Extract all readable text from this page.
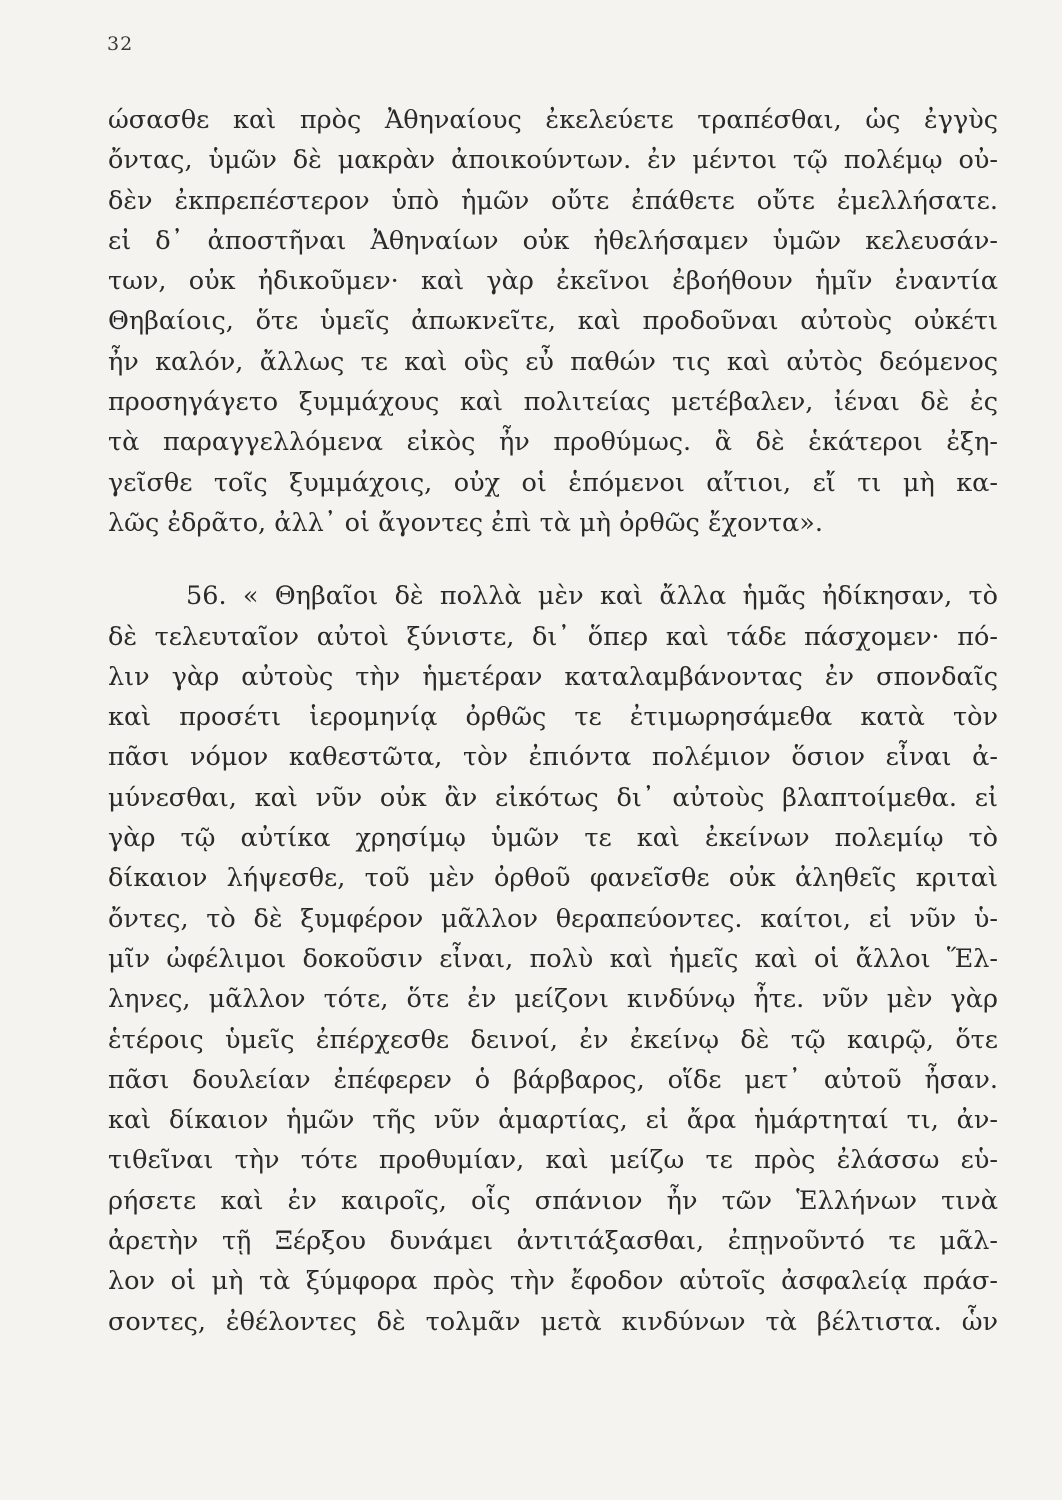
32
ώσασθε καὶ πρὸς Ἀθηναίους ἐκελεύετε τραπέσθαι, ὡς ἐγγὺς
ὄντας, ὑμῶν δὲ μακρὰν ἀποικούντων. ἐν μέντοι τῷ πολέμῳ οὐ-
δὲν ἐκπρεπέστερον ὑπὸ ἡμῶν οὔτε ἐπάθετε οὔτε ἐμελλήσατε.
εἰ δ᾽ ἀποστῆναι Ἀθηναίων οὐκ ἠθελήσαμεν ὑμῶν κελευσάν-
των, οὐκ ἠδικοῦμεν· καὶ γὰρ ἐκεῖνοι ἐβοήθουν ἡμῖν ἐναντία
Θηβαίοις, ὅτε ὑμεῖς ἀπωκνεῖτε, καὶ προδοῦναι αὐτοὺς οὐκέτι
ἦν καλόν, ἄλλως τε καὶ οὓς εὖ παθών τις καὶ αὐτὸς δεόμενος
προσηγάγετο ξυμμάχους καὶ πολιτείας μετέβαλεν, ἰέναι δὲ ἐς
τὰ παραγγελλόμενα εἰκὸς ἦν προθύμως. ἃ δὲ ἑκάτεροι ἐξη-
γεῖσθε τοῖς ξυμμάχοις, οὐχ οἱ ἑπόμενοι αἴτιοι, εἴ τι μὴ κα-
λῶς ἐδρᾶτο, ἀλλ᾽ οἱ ἄγοντες ἐπὶ τὰ μὴ ὀρθῶς ἔχοντα».
56. « Θηβαῖοι δὲ πολλὰ μὲν καὶ ἄλλα ἡμᾶς ἠδίκησαν, τὸ
δὲ τελευταῖον αὐτοὶ ξύνιστε, δι᾽ ὅπερ καὶ τάδε πάσχομεν· πό-
λιν γὰρ αὐτοὺς τὴν ἡμετέραν καταλαμβάνοντας ἐν σπονδαῖς
καὶ προσέτι ἱερομηνίᾳ ὀρθῶς τε ἐτιμωρησάμεθα κατὰ τὸν
πᾶσι νόμον καθεστῶτα, τὸν ἐπιόντα πολέμιον ὅσιον εἶναι ἀ-
μύνεσθαι, καὶ νῦν οὐκ ἂν εἰκότως δι᾽ αὐτοὺς βλαπτοίμεθα. εἰ
γὰρ τῷ αὐτίκα χρησίμῳ ὑμῶν τε καὶ ἐκείνων πολεμίῳ τὸ
δίκαιον λήψεσθε, τοῦ μὲν ὀρθοῦ φανεῖσθε οὐκ ἀληθεῖς κριταὶ
ὄντες, τὸ δὲ ξυμφέρον μᾶλλον θεραπεύοντες. καίτοι, εἰ νῦν ὑ-
μῖν ὠφέλιμοι δοκοῦσιν εἶναι, πολὺ καὶ ἡμεῖς καὶ οἱ ἄλλοι Ἕλ-
ληνες, μᾶλλον τότε, ὅτε ἐν μείζονι κινδύνῳ ἦτε. νῦν μὲν γὰρ
ἑτέροις ὑμεῖς ἐπέρχεσθε δεινοί, ἐν ἐκείνῳ δὲ τῷ καιρῷ, ὅτε
πᾶσι δουλείαν ἐπέφερεν ὁ βάρβαρος, οἵδε μετ᾽ αὐτοῦ ἦσαν.
καὶ δίκαιον ἡμῶν τῆς νῦν ἁμαρτίας, εἰ ἄρα ἡμάρτηταί τι, ἀν-
τιθεῖναι τὴν τότε προθυμίαν, καὶ μείζω τε πρὸς ἐλάσσω εὑ-
ρήσετε καὶ ἐν καιροῖς, οἷς σπάνιον ἦν τῶν Ἑλλήνων τινὰ
ἀρετὴν τῇ Ξέρξου δυνάμει ἀντιτάξασθαι, ἐπῃνοῦντό τε μᾶλ-
λον οἱ μὴ τὰ ξύμφορα πρὸς τὴν ἔφοδον αὑτοῖς ἀσφαλείᾳ πράσ-
σοντες, ἐθέλοντες δὲ τολμᾶν μετὰ κινδύνων τὰ βέλτιστα. ὧν
